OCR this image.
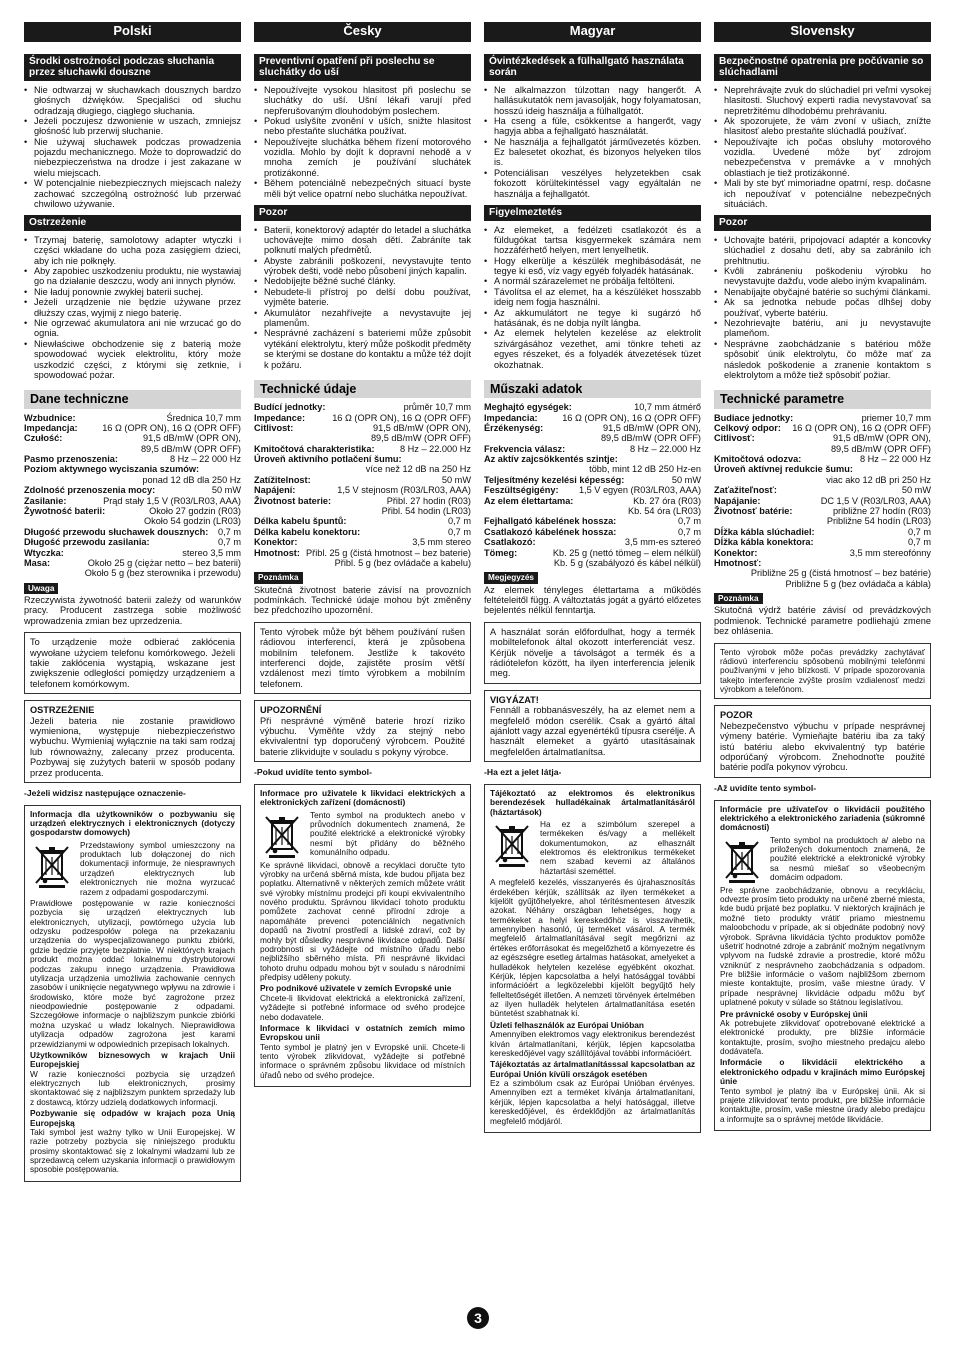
Polski
Środki ostrożności podczas słuchania przez słuchawki douszne
• Nie odtwarzaj w słuchawkach dousznych bardzo głośnych dźwięków. Specjaliści od słuchu odradzają długiego, ciągłego słuchania.
• Jeżeli poczujesz dzwonienie w uszach, zmniejsz głośność lub przerwij słuchanie.
• Nie używaj słuchawek podczas prowadzenia pojazdu mechanicznego. Może to doprowadzić do niebezpieczeństwa na drodze i jest zakazane w wielu miejscach.
• W potencjalnie niebezpiecznych miejscach należy zachować szczególną ostrożność lub przerwać chwilowo używanie.
Ostrzeżenie
• Trzymaj baterię, samolotowy adapter wtyczki i części wkładane do ucha poza zasięgiem dzieci, aby ich nie połknęły.
• Aby zapobiec uszkodzeniu produktu, nie wystawiaj go na działanie deszczu, wody ani innych płynów.
• Nie ładuj ponownie zwykłej baterii suchej.
• Jeżeli urządzenie nie będzie używane przez dłuższy czas, wyjmij z niego baterię.
• Nie ogrzewać akumulatora ani nie wrzucać go do ognia.
• Niewłaściwe obchodzenie się z baterią może spowodować wyciek elektrolitu, który może uszkodzić części, z którymi się zetknie, i spowodować pożar.
Dane techniczne
Wzbudnice:	Średnica 10,7 mm
Impedancja:	16 Ω (OPR ON), 16 Ω (OPR OFF)
Czułość:	91,5 dB/mW (OPR ON),
89,5 dB/mW (OPR OFF)
Pasmo przenoszenia:	8 Hz – 22 000 Hz
Poziom aktywnego wyciszania szumów:
ponad 12 dB dla 250 Hz
Zdolność przenoszenia mocy:	50 mW
Zasilanie:	Prąd stały 1,5 V (R03/LR03, AAA)
Żywotność baterii:	Około 27 godzin (R03)
Około 54 godzin (LR03)
Długość przewodu słuchawek dousznych: 0,7 m
Długość przewodu zasilania:	0,7 m
Wtyczka:	stereo 3,5 mm
Masa:	Około 25 g (ciężar netto – bez baterii)
Około 5 g (bez sterownika i przewodu)
Uwaga
Rzeczywista żywotność baterii zależy od warunków pracy. Producent zastrzega sobie możliwość wprowadzenia zmian bez uprzedzenia.
To urządzenie może odbierać zakłócenia wywołane użyciem telefonu komórkowego. Jeżeli takie zakłócenia wystąpią, wskazane jest zwiększenie odległości pomiędzy urządzeniem a telefonem komórkowym.
OSTRZEŻENIE
Jeżeli bateria nie zostanie prawidłowo wymieniona, występuje niebezpieczeństwo wybuchu. Wymieniaj wyłącznie na taki sam rodzaj lub równoważny, zalecany przez producenta. Pozbywaj się zużytych baterii w sposób podany przez producenta.
-Jeżeli widzisz następujące oznaczenie-
Informacja dla użytkowników o pozbywaniu się urządzeń elektrycznych i elektronicznych (dotyczy gospodarstw domowych)
Przedstawiony symbol umieszczony na produktach lub dołączonej do nich dokumentacji informuje, że niesprawnych urządzeń elektrycznych lub elektronicznych nie można wyrzucać razem z odpadami gospodarczymi.
Prawidłowe postępowanie w razie konieczności pozbycia się urządzeń elektrycznych lub elektronicznych, utylizacji, powtórnego użycia lub odzysku podzespołów polega na przekazaniu urządzenia do wyspecjalizowanego punktu zbiórki, gdzie będzie przyjęte bezpłatnie. W niektórych krajach produkt można oddać lokalnemu dystrybutorowi podczas zakupu innego urządzenia. Prawidłowa utylizacja urządzenia umożliwia zachowanie cennych zasobów i uniknięcie negatywnego wpływu na zdrowie i środowisko, które może być zagrożone przez nieodpowiednie postępowanie z odpadami. Szczegółowe informacje o najbliższym punkcie zbiórki można uzyskać u władz lokalnych. Nieprawidłowa utylizacja odpadów zagrożona jest karami przewidzianymi w odpowiednich przepisach lokalnych.
Użytkowników biznesowych w krajach Unii Europejskiej
W razie konieczności pozbycia się urządzeń elektrycznych lub elektronicznych, prosimy skontaktować się z najbliższym punktem sprzedaży lub z dostawcą, którzy udzielą dodatkowych informacji.
Pozbywanie się odpadów w krajach poza Unią Europejską
Taki symbol jest ważny tylko w Unii Europejskej. W razie potrzeby pozbycia się niniejszego produktu prosimy skontaktować się z lokalnymi władzami lub ze sprzedawcą celem uzyskania informacji o prawidłowym sposobie postępowania.
Česky
Preventivní opatření při poslechu se sluchátky do uší
• Nepoužívejte vysokou hlasitost při poslechu se sluchátky do uší. Ušní lékaři varují před nepřerušovaným dlouhodobým poslechem.
• Pokud uslyšíte zvonění v uších, snižte hlasitost nebo přestaňte sluchátka používat.
• Nepoužívejte sluchátka během řízení motorového vozidla. Mohlo by dojít k dopravní nehodě a v mnoha zemích je používání sluchátek protizákonné.
• Během potenciálně nebezpečných situací byste měli být velice opatrní nebo sluchátka nepoužívat.
Pozor
• Baterii, konektorový adaptér do letadel a sluchátka uchovávejte mimo dosah dětí. Zabráníte tak polknutí malých předmětů.
• Abyste zabránili poškození, nevystavujte tento výrobek dešti, vodě nebo působení jiných kapalin.
• Nedobíjejte běžné suché články.
• Nebudete-li přístroj po delší dobu používat, vyjměte baterie.
• Akumulátor nezahřívejte a nevystavujte jej plamenům.
• Nesprávné zacházení s bateriemi může způsobit vytékání elektrolytu, který může poškodit předměty se kterými se dostane do kontaktu a může též dojít k požáru.
Technické údaje
Budící jednotky:	průměr 10,7 mm
Impedance:	16 Ω (OPR ON), 16 Ω (OPR OFF)
Citlivost:	91,5 dB/mW (OPR ON),
89,5 dB/mW (OPR OFF)
Kmitočtová charakteristika:	8 Hz – 22.000 Hz
Úroveň aktivního potlačení šumu:
více než 12 dB na 250 Hz
Zatížitelnost:	50 mW
Napájení:	1,5 V stejnosm (R03/LR03, AAA)
Životnost baterie:	Přibl. 27 hodin (R03)
Přibl. 54 hodin (LR03)
Délka kabelu špuntů:	0,7 m
Délka kabelu konektoru:	0,7 m
Konektor:	3,5 mm stereo
Hmotnost: Přibl. 25 g (čistá hmotnost – bez baterie)
Přibl. 5 g (bez ovládače a kabelu)
Poznámka
Skutečná životnost baterie závisí na provozních podmínkách. Technické údaje mohou být změněny bez předchozího upozornění.
Tento výrobek může být během používání rušen rádiovou interferencí, která je způsobena mobilním telefonem. Jestliže k takovéto interferenci dojde, zajistěte prosím větší vzdálenost mezi tímto výrobkem a mobilním telefonem.
UPOZORNĚNÍ
Při nesprávné výměně baterie hrozí riziko výbuchu. Vyměňte vždy za stejný nebo ekvivalentní typ doporučený výrobcem. Použité baterie zlikvidujte v souladu s pokyny výrobce.
-Pokud uvidíte tento symbol-
Informace pro uživatele k likvidaci elektrických a elektronických zařízení (domácnosti)
Tento symbol na produktech anebo v průvodních dokumentech znamená, že použité elektrické a elektronické výrobky nesmí být přidány do běžného komunálního odpadu.
Ke správné likvidaci, obnově a recyklaci doručte tyto výrobky na určená sběrná místa, kde budou přijata bez poplatku. Alternativně v některých zemích můžete vrátit své výrobky místnímu prodejci při koupi ekvivalentního nového produktu. Správnou likvidací tohoto produktu pomůžete zachovat cenné přírodní zdroje a napomáháte prevenci potenciálních negativních dopadů na životní prostředí a lidské zdraví, což by mohly být důsledky nesprávné likvidace odpadů. Další podrobnosti si vyžádejte od místního úřadu nebo nejbližšího sběrného místa. Při nesprávné likvidaci tohoto druhu odpadu mohou být v souladu s národními předpisy uděleny pokuty.
Pro podnikové uživatele v zemích Evropské unie
Chcete-li likvidovat elektrická a elektronická zařízení, vyžádejte si potřebné informace od svého prodejce nebo dodavatele.
Informace k likvidaci v ostatních zemích mimo Evropskou unii
Tento symbol je platný jen v Evropské unii. Chcete-li tento výrobek zlikvidovat, vyžádejte si potřebné informace o správném způsobu likvidace od místních úřadů nebo od svého prodejce.
Magyar
Óvintézkedések a fülhallgató használata során
• Ne alkalmazzon túlzottan nagy hangerőt. A hallásukutatók nem javasolják, hogy folyamatosan, hosszú ideig használja a fülhallgatót.
• Ha cseng a füle, csökkentse a hangerőt, vagy hagyja abba a fejhallgató használatát.
• Ne használja a fejhallgatót járművezetés közben. Ez balesetet okozhat, és bizonyos helyeken tilos is.
• Potenciálisan veszélyes helyzetekben csak fokozott körültekintéssel vagy egyáltalán ne használja a fejhallgatót.
Figyelmeztetés
• Az elemeket, a fedélzeti csatlakozót és a füldugókat tartsa kisgyermekek számára nem hozzáférhető helyen, mert lenyelhetik.
• Hogy elkerülje a készülék meghibásodását, ne tegye ki eső, víz vagy egyéb folyadék hatásának.
• A normál szárazelemet ne próbálja feltölteni.
• Távolítsa el az elemet, ha a készüléket hosszabb ideig nem fogja használni.
• Az akkumulátort ne tegye ki sugárzó hő hatásának, és ne dobja nyílt lángba.
• Az elemek helytelen kezelése az elektrolit szivárgásához vezethet, ami tönkre teheti az egyes részeket, és a folyadék átvezetések tüzet okozhatnak.
Műszaki adatok
Meghajtó egységek:	10,7 mm átmérő
Impedancia:	16 Ω (OPR ON), 16 Ω (OPR OFF)
Érzékenység:	91,5 dB/mW (OPR ON),
89,5 dB/mW (OPR OFF)
Frekvencia válasz:	8 Hz – 22.000 Hz
Az aktív zajcsökkentés szintje:
több, mint 12 dB 250 Hz-en
Teljesítmény kezelési képesség:	50 mW
Feszültségigény: 1,5 V egyen (R03/LR03, AAA)
Az elem élettartama:	Kb. 27 óra (R03)
Kb. 54 óra (LR03)
Fejhallgató kábelének hossza:	0,7 m
Csatlakozó kábelének hossza:	0,7 m
Csatlakozó:	3,5 mm-es sztereó
Tömeg:	Kb. 25 g (nettó tömeg – elem nélkül)
Kb. 5 g (szabályozó és kábel nélkül)
Megjegyzés
Az elemek tényleges élettartama a működés feltételeitől függ. A változtatás jogát a gyártó előzetes bejelentés nélkül fenntartja.
A használat során előfordulhat, hogy a termék mobiltelefonok által okozott interferenciát vesz. Kérjük növelje a távolságot a termék és a rádiótelefon között, ha ilyen interferencia jelenik meg.
VIGYÁZAT!
Fennáll a robbanásveszély, ha az elemet nem a megfelelő módon cserélik. Csak a gyártó által ajánlott vagy azzal egyenértékű típusra cserélje. A használt elemeket a gyártó utasításainak megfelelően ártalmatlanítsa.
-Ha ezt a jelet látja-
Tájékoztató az elektromos és elektronikus berendezések hulladékainak ártalmatlanításáról (háztartások)
Ha ez a szimbólum szerepel a termékeken és/vagy a mellékelt dokumentumokon, az elhasznált elektromos és elektronikus termékeket nem szabad keverni az általános háztartási szeméttel.
A megfelelő kezelés, visszanyerés és újrahasznosítás érdekében kérjük, szállítsák az ilyen termékeket a kijelölt gyűjtőhelyekre, ahol térítésmentesen átveszik azokat. Néhány országban lehetséges, hogy a termékeket a helyi kereskedőhöz is visszavihetik, amennyiben hasonló, új terméket vásárol. A termék megfelelő ártalmatlanításával segít megőrizni az értékes erőforrásokat és megelőzhető a környezetre és az egészségre esetleg ártalmas hatásokat, amelyeket a hulladékok helytelen kezelése egyébként okozhat. Kérjük, lépjen kapcsolatba a helyi hatósággal további információért a legközelebbi kijelölt begyűjtő hely felleltetőségét illetően. A nemzeti törvények értelmében az ilyen hulladék helytelen ártalmatlanítása esetén büntetést szabhatnak ki.
Üzleti felhasználók az Európai Unióban
Amennyiben elektromos vagy elektronikus berendezést kíván ártalmatlanítani, kérjük, lépjen kapcsolatba kereskedőjével vagy szállítójával további információért.
Tájékoztatás az ártalmatlanításssal kapcsolatban az Európai Unión kívüli országok esetében
Ez a szimbólum csak az Európai Unióban érvényes. Amennyiben ezt a terméket kívánja ártalmatlanítani, kérjük, lépjen kapcsolatba a helyi hatósággal, illetve kereskedőjével, és érdeklődjön az ártalmatlanítás megfelelő módjáról.
Slovensky
Bezpečnostné opatrenia pre počúvanie so slúchadlami
• Neprehrávajte zvuk do slúchadiel pri veľmi vysokej hlasitosti. Sluchový experti radia nevystavovať sa nepretržitému dlhodobému prehrávaniu.
• Ak spozorujete, že vám zvoní v ušiach, znížte hlasitosť alebo prestaňte slúchadlá používať.
• Nepoužívajte ich počas obsluhy motorového vozidla. Uvedené môže byť zdrojom nebezpečenstva v premávke a v mnohých oblastiach je tiež protizákonné.
• Mali by ste byť mimoriadne opatrní, resp. dočasne ich nepoužívať v potenciálne nebezpečných situáciách.
Pozor
• Uchovajte batérii, pripojovací adaptér a koncovky slúchadiel z dosahu detí, aby sa zabránilo ich prehltnutiu.
• Kvôli zabráneniu poškodeniu výrobku ho nevystavujte dažďu, vode alebo iným kvapalinám.
• Nenabíjajte obyčajné batérie so suchými článkami.
• Ak sa jednotka nebude počas dlhšej doby používať, vyberte batériu.
• Nezohrievajte batériu, ani ju nevystavujte plameňom.
• Nesprávne zaobchádzanie s batériou môže spôsobiť únik elektrolytu, čo môže mať za následok poškodenie a zranenie kontaktom s elektrolytom a môže tiež spôsobiť požiar.
Technické parametre
Budiace jednotky:	priemer 10,7 mm
Celkový odpor: 16 Ω (OPR ON), 16 Ω (OPR OFF)
Citlivosť:	91,5 dB/mW (OPR ON),
89,5 dB/mW (OPR OFF)
Kmitočtová odozva:	8 Hz – 22 000 Hz
Úroveň aktívnej redukcie šumu:
viac ako 12 dB pri 250 Hz
Zaťažiteľnosť:	50 mW
Napájanie:	DC 1,5 V (R03/LR03, AAA)
Životnosť batérie:	približne 27 hodín (R03)
Približne 54 hodín (LR03)
Dĺžka kábla slúchadiel:	0,7 m
Dĺžka kábla konektora:	0,7 m
Konektor:	3,5 mm stereofónny
Hmotnosť:
Približne 25 g (čistá hmotnosť – bez batérie)
Približne 5 g (bez ovládača a kábla)
Poznámka
Skutočná výdrž batérie závisí od prevádzkových podmienok. Technické parametre podliehajú zmene bez ohlásenia.
Tento výrobok môže počas prevádzky zachytávať rádiovú interferenciu spôsobenú mobilnými telefónmi používanými v jeho blízkosti. V prípade spozorovania takejto interferencie zvýšte prosím vzdialenosť medzi výrobkom a telefónom.
POZOR
Nebezpečenstvo výbuchu v prípade nesprávnej výmeny batérie. Vymieňajte batériu iba za taký istú batériu alebo ekvivalentný typ batérie odporúčaný výrobcom. Znehodnoťte použité batérie podľa pokynov výrobcu.
-Až uvidíte tento symbol-
Informácie pre užívateľov o likvidácii použitého elektrického a elektronického zariadenia (súkromné domácnosti)
Tento symbol na produktoch a/ alebo na priložených dokumentoch znamená, že použité elektrické a elektronické výrobky sa nesmú miešať so všeobecným domácim odpadom.
Pre správne zaobchádzanie, obnovu a recykláciu, odvezte prosím tieto produkty na určené zberné miesta, kde budú prijaté bez poplatku. V niektorých krajinách je možné tieto produkty vrátiť priamo miestnemu maloobchodu v prípade, ak si objednáte podobný nový výrobok. Správna likvidácia týchto produktov pomôže ušetriť hodnotné zdroje a zabrániť možným negatívnym vplyvom na ľudské zdravie a prostredie, ktoré môžu vzniknúť z nesprávneho zaobchádzania s odpadom. Pre bližšie informácie o vašom najbližšom zbernom mieste kontaktujte, prosím, vaše miestne úrady. V prípade nesprávnej likvidácie odpadu môžu byť uplatnené pokuty v súlade so štátnou legislatívou.
Pre právnické osoby v Európskej únii
Ak potrebujete zlikvidovať opotrebované elektrické a elektronické produkty, pre bližšie informácie kontaktujte, prosím, svojho miestneho predajcu alebo dodávateľa.
Informácie o likvidácii elektrického a elektronického odpadu v krajinách mimo Európskej únie
Tento symbol je platný iba v Európskej únii. Ak si prajete zlikvidovať tento produkt, pre bližšie informácie kontaktujte, prosím, vaše miestne úrady alebo predajcu a informujte sa o správnej metóde likvidácie.
3
